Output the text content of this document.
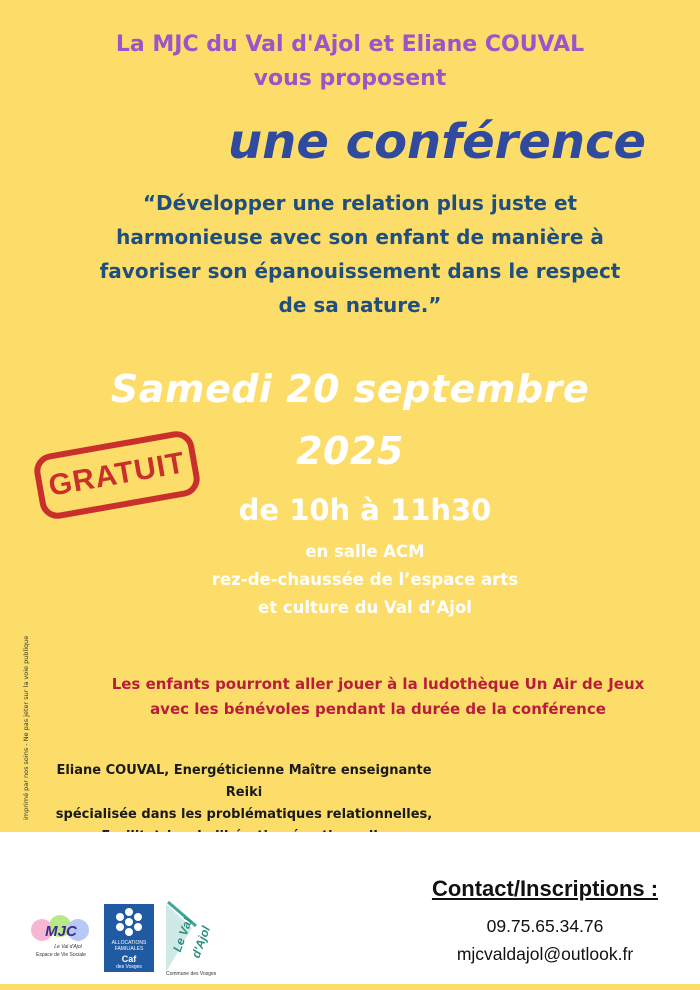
La MJC du Val d'Ajol et Eliane COUVAL
vous proposent
une conférence
“Développer une relation plus juste et
harmonieuse avec son enfant de manière à
favoriser son épanouissement dans le respect
de sa nature.”
Samedi 20 septembre
2025
GRATUIT
de 10h à 11h30
en salle ACM
rez-de-chaussée de l’espace arts
et culture du Val d’Ajol
Les enfants pourront aller jouer à la ludothèque Un Air de Jeux
avec les bénévoles pendant la durée de la conférence
Eliane COUVAL, Energéticienne Maître enseignante Reiki
spécialisée dans les problématiques relationnelles,
imprimé par nos soins - Ne pas jeter sur la voie publique
MJC
Le Val d'Ajol
Espace de Vie Sociale
ALLOCATIONS FAMILIALES
Caf
des Vosges
Le Val
d'Ajol
Commune des Vosges
Contact/Inscriptions :
09.75.65.34.76
mjcvaldajol@outlook.fr
